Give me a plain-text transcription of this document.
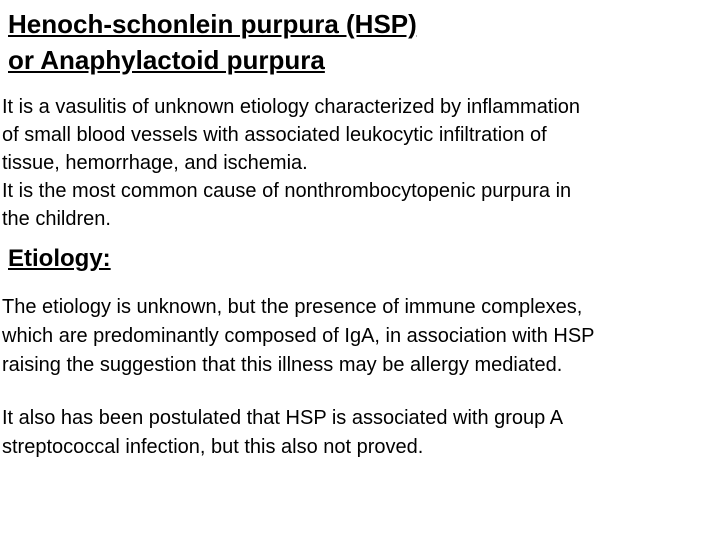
Henoch-schonlein purpura (HSP)
or Anaphylactoid purpura

It is a vasulitis of unknown etiology characterized by inflammation
of small blood vessels with associated leukocytic infiltration of
tissue, hemorrhage, and ischemia.
It is the most common cause of nonthrombocytopenic purpura in
the children.

Etiology:

The etiology is unknown, but the presence of immune complexes,
which are predominantly composed of IgA, in association with HSP
raising the suggestion that this illness may be allergy mediated.

It also has been postulated that HSP is associated with group A
streptococcal infection, but this also not proved.
